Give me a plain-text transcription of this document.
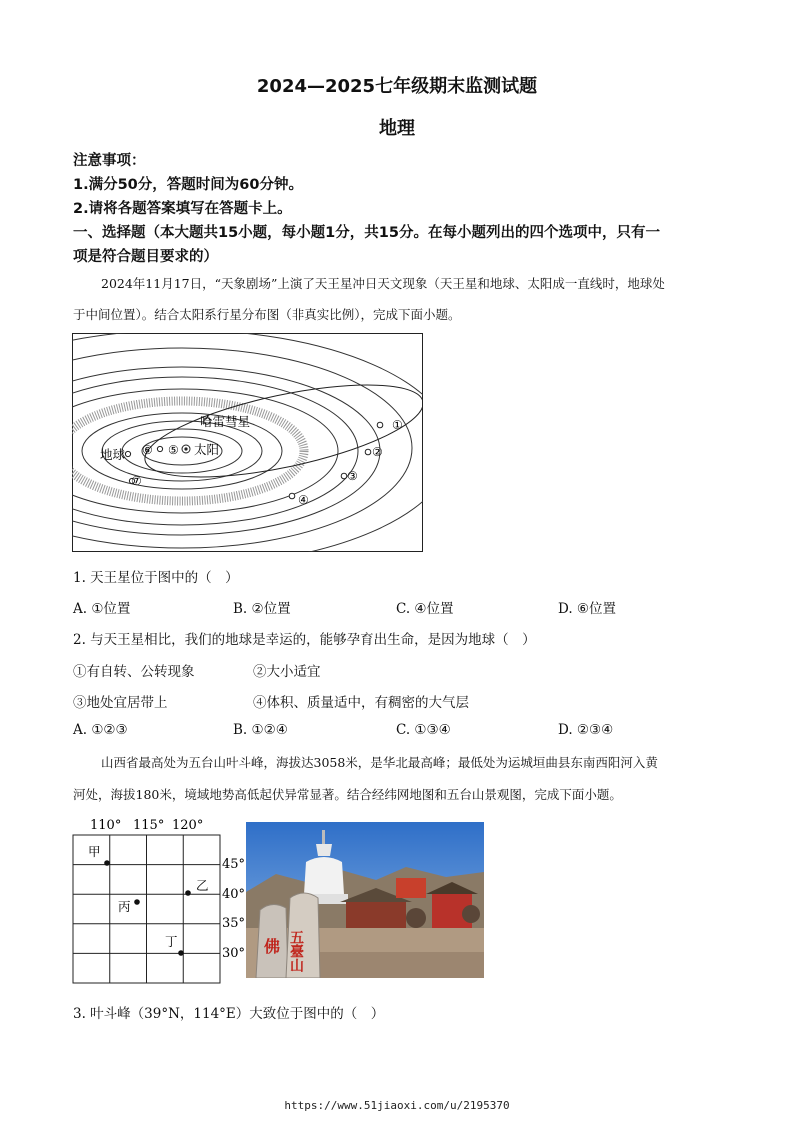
2024—2025七年级期末监测试题
地理
注意事项：
1.满分50分，答题时间为60分钟。
2.请将各题答案填写在答题卡上。
一、选择题（本大题共15小题，每小题1分，共15分。在每小题列出的四个选项中，只有一
项是符合题目要求的）
2024年11月17日，“天象剧场”上演了天王星冲日天文现象（天王星和地球、太阳成一直线时，地球处
于中间位置）。结合太阳系行星分布图（非真实比例），完成下面小题。
哈雷彗星
太阳
地球 ⑥ ⑤
⑦
①
②
③
④
1. 天王星位于图中的（　）
A. ①位置	B. ②位置	C. ④位置	D. ⑥位置
2. 与天王星相比，我们的地球是幸运的，能够孕育出生命，是因为地球（　）
①有自转、公转现象	②大小适宜
③地处宜居带上	④体积、质量适中，有稠密的大气层
A. ①②③	B. ①②④	C. ①③④	D. ②③④
山西省最高处为五台山叶斗峰，海拔达3058米，是华北最高峰；最低处为运城垣曲县东南西阳河入黄
河处，海拔180米，境域地势高低起伏异常显著。结合经纬网地图和五台山景观图，完成下面小题。
110° 115° 120°
45°
40°
35°
30°
甲
乙
丙
丁	佛 五臺山
3. 叶斗峰（39°N，114°E）大致位于图中的（　）
https://www.51jiaoxi.com/u/2195370
